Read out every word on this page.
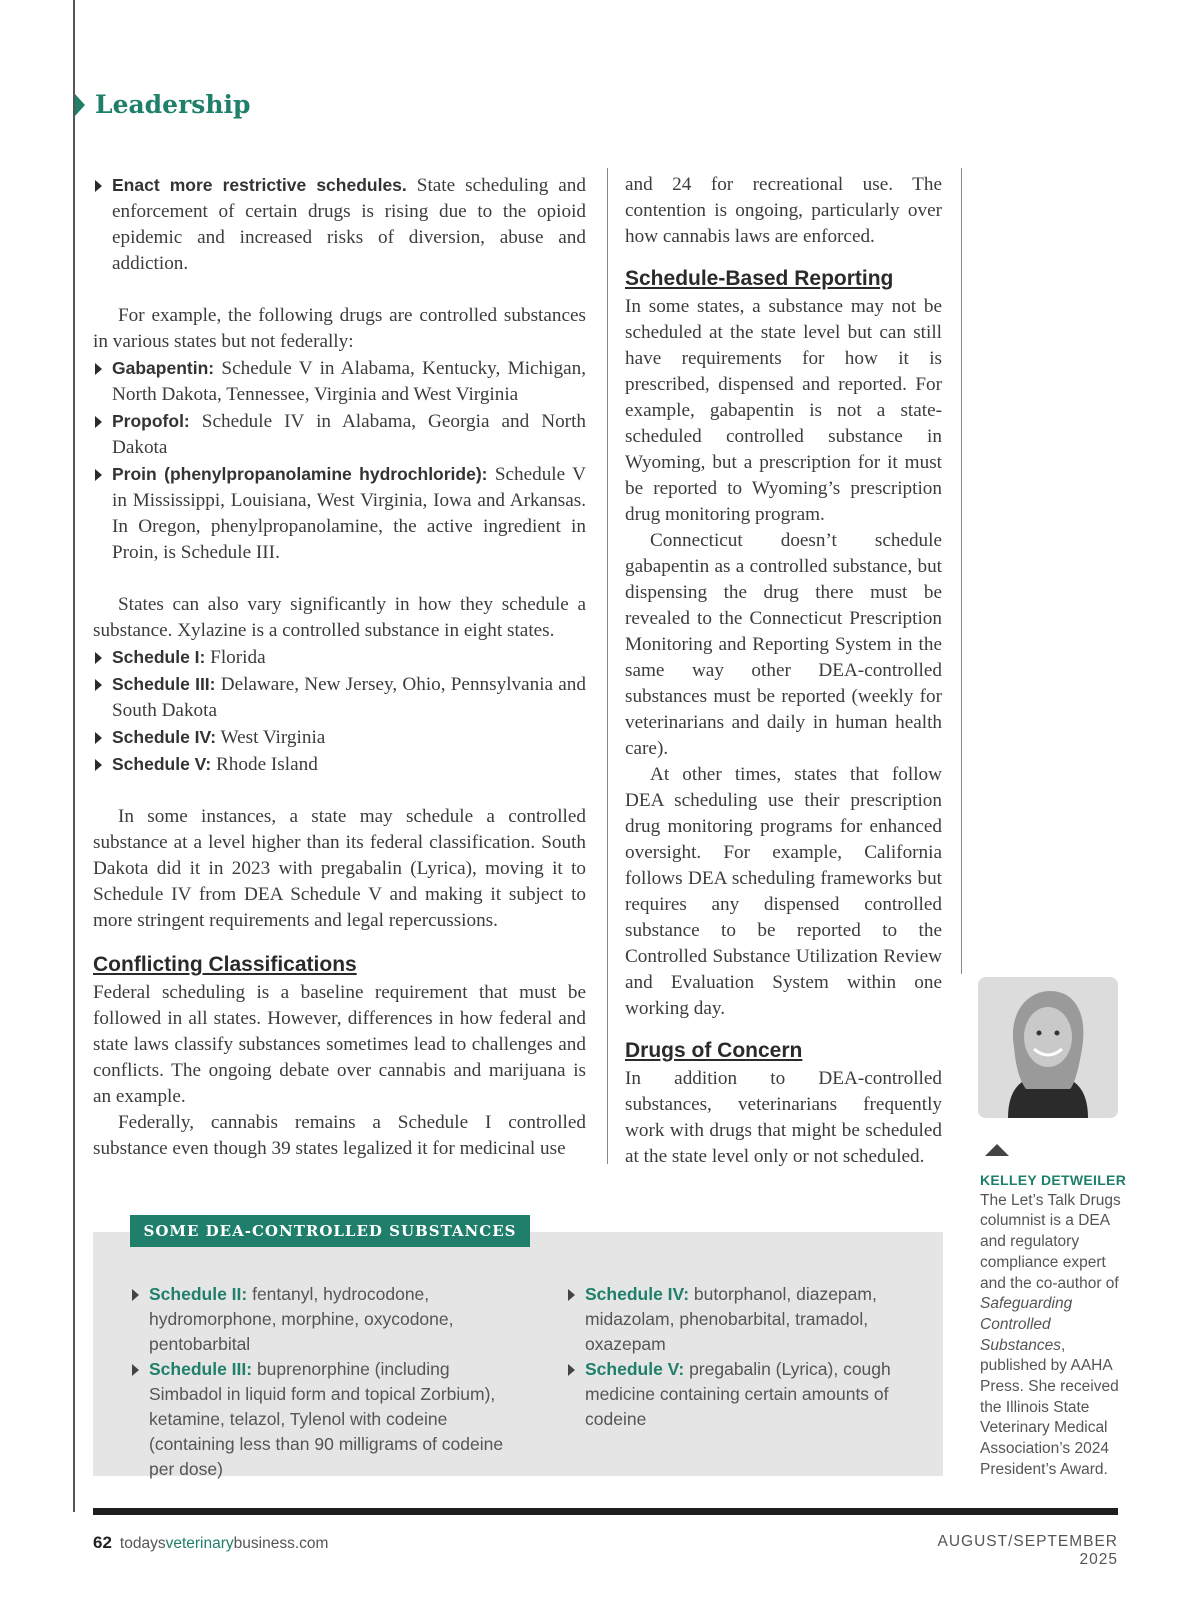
Leadership

Enact more restrictive schedules. State scheduling and enforcement of certain drugs is rising due to the opioid epidemic and increased risks of diversion, abuse and addiction.

For example, the following drugs are controlled substances in various states but not federally:

Gabapentin: Schedule V in Alabama, Kentucky, Michigan, North Dakota, Tennessee, Virginia and West Virginia

Propofol: Schedule IV in Alabama, Georgia and North Dakota

Proin (phenylpropanolamine hydrochloride): Schedule V in Mississippi, Louisiana, West Virginia, Iowa and Arkansas. In Oregon, phenylpropanolamine, the active ingredient in Proin, is Schedule III.

States can also vary significantly in how they schedule a substance. Xylazine is a controlled substance in eight states.

Schedule I: Florida

Schedule III: Delaware, New Jersey, Ohio, Pennsylvania and South Dakota

Schedule IV: West Virginia

Schedule V: Rhode Island

In some instances, a state may schedule a controlled substance at a level higher than its federal classification. South Dakota did it in 2023 with pregabalin (Lyrica), moving it to Schedule IV from DEA Schedule V and making it subject to more stringent requirements and legal repercussions.

Conflicting Classifications

Federal scheduling is a baseline requirement that must be followed in all states. However, differences in how federal and state laws classify substances sometimes lead to challenges and conflicts. The ongoing debate over cannabis and marijuana is an example.

Federally, cannabis remains a Schedule I controlled substance even though 39 states legalized it for medicinal use

and 24 for recreational use. The contention is ongoing, particularly over how cannabis laws are enforced.

Schedule-Based Reporting

In some states, a substance may not be scheduled at the state level but can still have requirements for how it is prescribed, dispensed and reported. For example, gabapentin is not a state-scheduled controlled substance in Wyoming, but a prescription for it must be reported to Wyoming’s prescription drug monitoring program.

Connecticut doesn’t schedule gabapentin as a controlled substance, but dispensing the drug there must be revealed to the Connecticut Prescription Monitoring and Reporting System in the same way other DEA-controlled substances must be reported (weekly for veterinarians and daily in human health care).

At other times, states that follow DEA scheduling use their prescription drug monitoring programs for enhanced oversight. For example, California follows DEA scheduling frameworks but requires any dispensed controlled substance to be reported to the Controlled Substance Utilization Review and Evaluation System within one working day.

Drugs of Concern

In addition to DEA-controlled substances, veterinarians frequently work with drugs that might be scheduled at the state level only or not scheduled.

KELLEY DETWEILER
The Let’s Talk Drugs columnist is a DEA and regulatory compliance expert and the co-author of Safeguarding Controlled Substances, published by AAHA Press. She received the Illinois State Veterinary Medical Association’s 2024 President’s Award.
SOME DEA-CONTROLLED SUBSTANCES
Schedule II: fentanyl, hydrocodone, hydromorphone, morphine, oxycodone, pentobarbital
Schedule III: buprenorphine (including Simbadol in liquid form and topical Zorbium), ketamine, telazol, Tylenol with codeine (containing less than 90 milligrams of codeine per dose)
Schedule IV: butorphanol, diazepam, midazolam, phenobarbital, tramadol, oxazepam
Schedule V: pregabalin (Lyrica), cough medicine containing certain amounts of codeine
62 todaysveterinarybusiness.com	AUGUST/SEPTEMBER 2025
